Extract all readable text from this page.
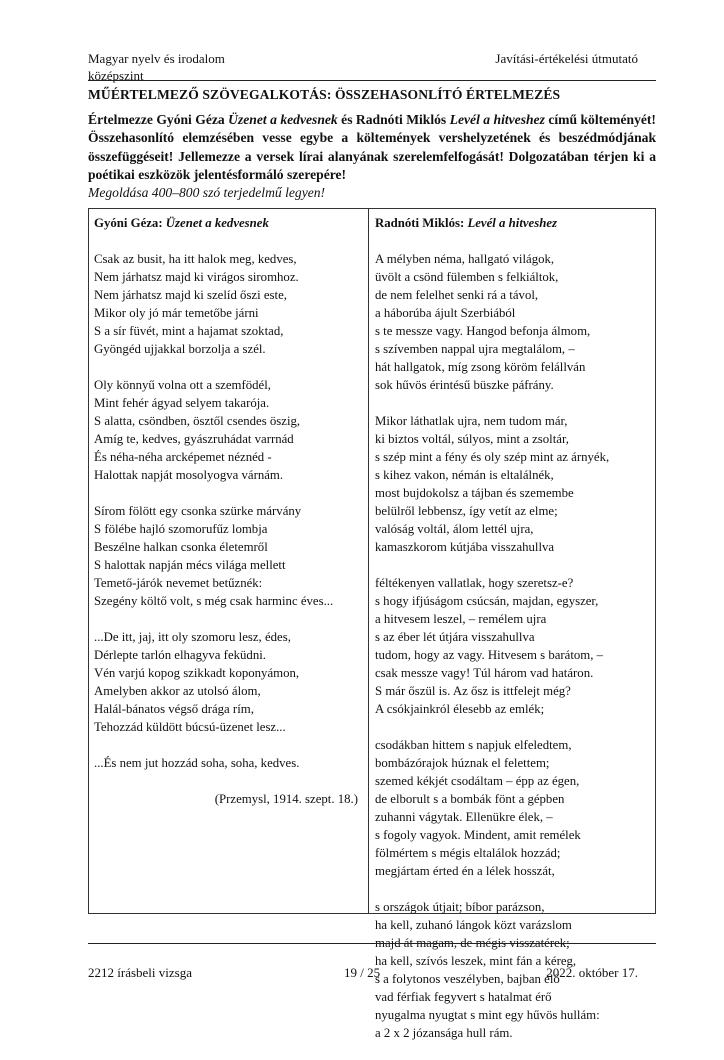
Magyar nyelv és irodalom
középszint
Javítási-értékelési útmutató
MŰÉRTELMEZŐ SZÖVEGALKOTÁS: ÖSSZEHASONLÍTÓ ÉRTELMEZÉS
Értelmezze Gyóni Géza Üzenet a kedvesnek és Radnóti Miklós Levél a hitveshez című költeményét! Összehasonlító elemzésében vesse egybe a költemények vershelyzetének és beszédmódjának összefüggéseit! Jellemezze a versek lírai alanyának szerelemfelfogását! Dolgozatában térjen ki a poétikai eszközök jelentésformáló szerepére!
Megoldása 400–800 szó terjedelmű legyen!
Gyóni Géza: Üzenet a kedvesnek
Csak az busit, ha itt halok meg, kedves,
Nem járhatsz majd ki virágos siromhoz.
Nem járhatsz majd ki szelíd őszi este,
Mikor oly jó már temetőbe járni
S a sír füvét, mint a hajamat szoktad,
Gyöngéd ujjakkal borzolja a szél.
Oly könnyű volna ott a szemfödél,
Mint fehér ágyad selyem takarója.
S alatta, csöndben, ösztől csendes öszig,
Amíg te, kedves, gyászruhádat varrnád
És néha-néha arcképemet néznéd -
Halottak napját mosolyogva várnám.
Sírom fölött egy csonka szürke márvány
S fölébe hajló szomorufűz lombja
Beszélne halkan csonka életemről
S halottak napján mécs világa mellett
Temető-járók nevemet betűznék:
Szegény költő volt, s még csak harminc éves...
...De itt, jaj, itt oly szomoru lesz, édes,
Dérlepte tarlón elhagyva feküdni.
Vén varjú kopog szikkadt koponyámon,
Amelyben akkor az utolsó álom,
Halál-bánatos végső drága rím,
Tehozzád küldött búcsú-üzenet lesz...
...És nem jut hozzád soha, soha, kedves.
(Przemysl, 1914. szept. 18.)
Radnóti Miklós: Levél a hitveshez
A mélyben néma, hallgató világok,
üvölt a csönd fülemben s felkiáltok,
de nem felelhet senki rá a távol,
a háborúba ájult Szerbiából
s te messze vagy. Hangod befonja álmom,
s szívemben nappal ujra megtalálom, –
hát hallgatok, míg zsong köröm felállván
sok hűvös érintésű büszke páfrány.
Mikor láthatlak ujra, nem tudom már,
ki biztos voltál, súlyos, mint a zsoltár,
s szép mint a fény és oly szép mint az árnyék,
s kihez vakon, némán is eltalálnék,
most bujdokolsz a tájban és szemembe
belülről lebbensz, így vetít az elme;
valóság voltál, álom lettél ujra,
kamaszkorom kútjába visszahullva
féltékenyen vallatlak, hogy szeretsz-e?
s hogy ifjúságom csúcsán, majdan, egyszer,
a hitvesem leszel, – remélem ujra
s az éber lét útjára visszahullva
tudom, hogy az vagy. Hitvesem s barátom, –
csak messze vagy! Túl három vad határon.
S már őszül is. Az ősz is ittfelejt még?
A csókjainkról élesebb az emlék;
csodákban hittem s napjuk elfeledtem,
bombázórajok húznak el felettem;
szemed kékjét csodáltam – épp az égen,
de elborult s a bombák fönt a gépben
zuhanni vágytak. Ellenükre élek, –
s fogoly vagyok. Mindent, amit remélek
fölmértem s mégis eltalálok hozzád;
megjártam érted én a lélek hosszát,
s országok útjait; bíbor parázson,
ha kell, zuhanó lángok közt varázslom
majd át magam, de mégis visszatérek;
ha kell, szívós leszek, mint fán a kéreg,
s a folytonos veszélyben, bajban élő
vad férfiak fegyvert s hatalmat érő
nyugalma nyugtat s mint egy hűvös hullám:
a 2 x 2 józansága hull rám.
2212 írásbeli vizsga	19 / 25	2022. október 17.
